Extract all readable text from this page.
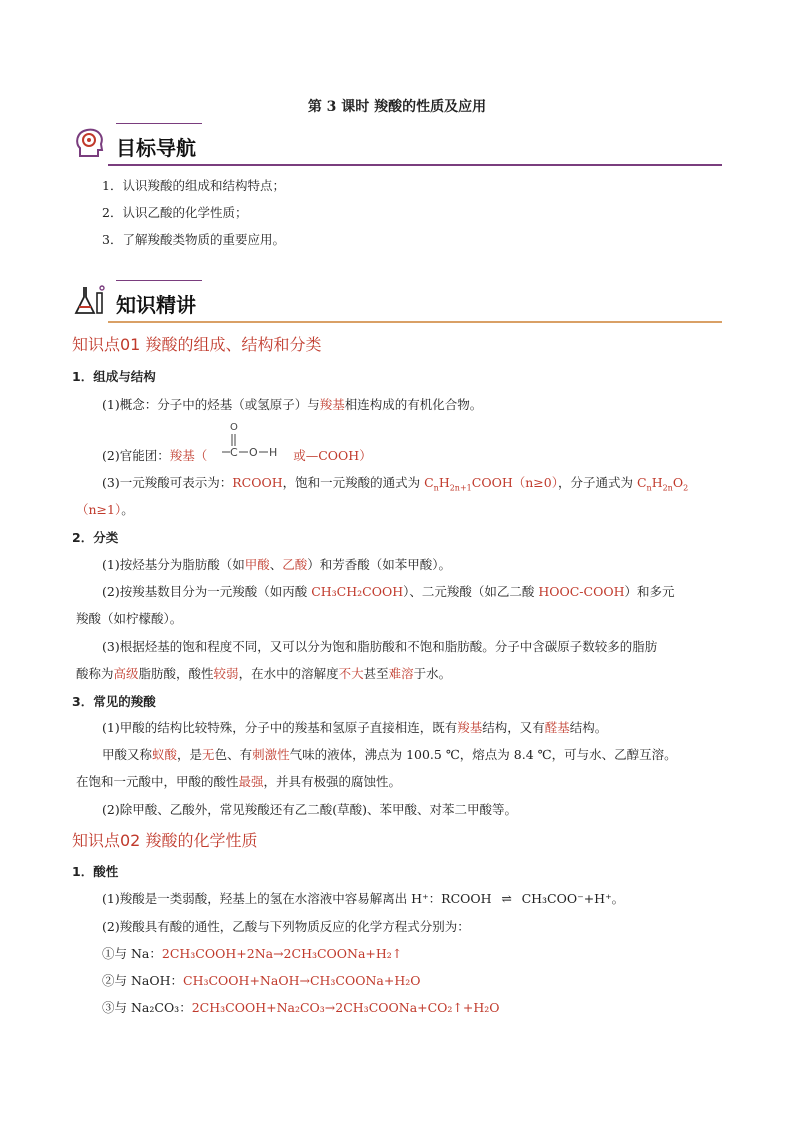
第 3 课时 羧酸的性质及应用
目标导航
1．认识羧酸的组成和结构特点；
2．认识乙酸的化学性质；
3．了解羧酸类物质的重要应用。
知识精讲
知识点01 羧酸的组成、结构和分类
1．组成与结构
(1)概念：分子中的烃基（或氢原子）与羧基相连构成的有机化合物。
(2)官能团：羧基（	或—COOH）
O
C O H
(3)一元羧酸可表示为：RCOOH，饱和一元羧酸的通式为 $C_nH_{2n+1}COOH(n\ge 0)$，分子通式为 $C_nH_{2n}O_2$
（n≥1）。
2．分类
(1)按烃基分为脂肪酸（如甲酸、乙酸）和芳香酸（如苯甲酸）。
(2)按羧基数目分为一元羧酸（如丙酸 CH₃CH₂COOH）、二元羧酸（如乙二酸 HOOC-COOH）和多元
羧酸（如柠檬酸）。
(3)根据烃基的饱和程度不同，又可以分为饱和脂肪酸和不饱和脂肪酸。分子中含碳原子数较多的脂肪
酸称为高级脂肪酸，酸性较弱，在水中的溶解度不大甚至难溶于水。
3．常见的羧酸
(1)甲酸的结构比较特殊，分子中的羧基和氢原子直接相连，既有羧基结构，又有醛基结构。
甲酸又称蚁酸，是无色、有刺激性气味的液体，沸点为 100.5 ℃，熔点为 8.4 ℃，可与水、乙醇互溶。
在饱和一元酸中，甲酸的酸性最强，并具有极强的腐蚀性。
(2)除甲酸、乙酸外，常见羧酸还有乙二酸(草酸)、苯甲酸、对苯二甲酸等。
知识点02 羧酸的化学性质
1．酸性
(1)羧酸是一类弱酸，羟基上的氢在水溶液中容易解离出 H⁺：RCOOH ⇌ CH₃COO⁻+H⁺。
(2)羧酸具有酸的通性，乙酸与下列物质反应的化学方程式分别为：
①与 Na：2CH₃COOH+2Na→2CH₃COONa+H₂↑
②与 NaOH：CH₃COOH+NaOH→CH₃COONa+H₂O
③与 Na₂CO₃：2CH₃COOH+Na₂CO₃→2CH₃COONa+CO₂↑+H₂O
